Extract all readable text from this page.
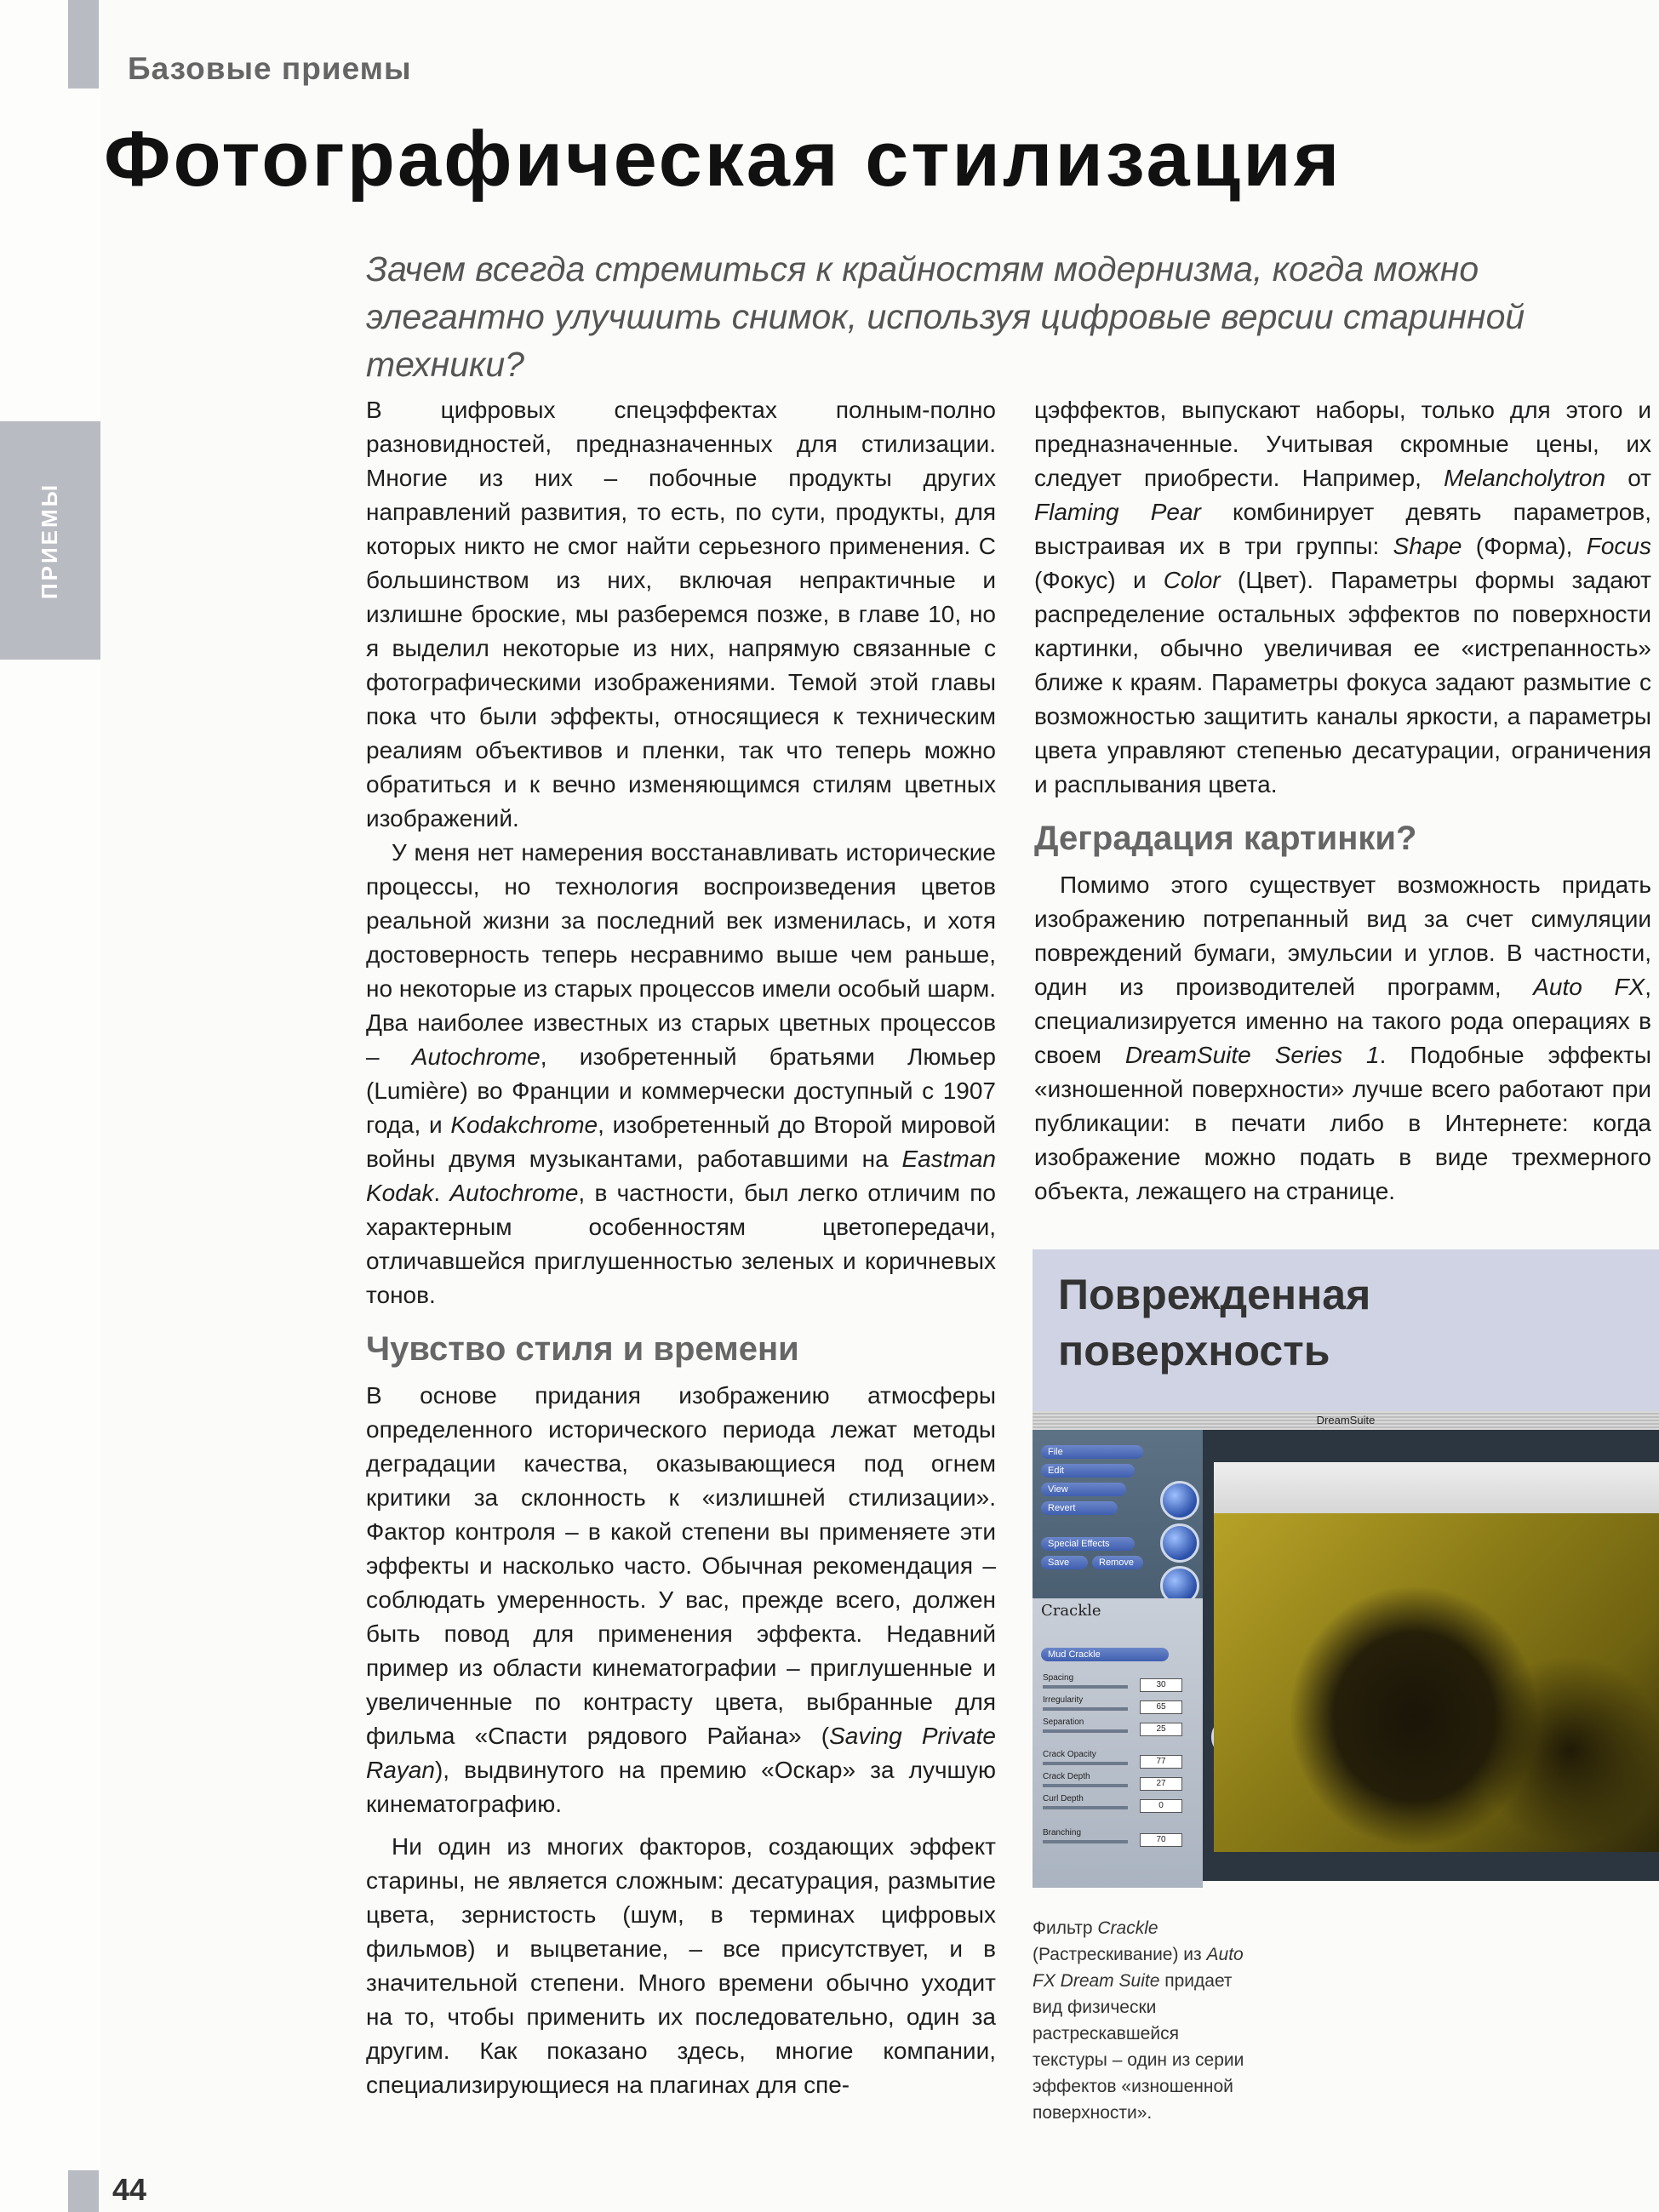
ПРИЕМЫ
Базовые приемы
Фотографическая стилизация
Зачем всегда стремиться к крайностям модернизма, когда можно элегантно улучшить снимок, используя цифровые версии старинной техники?

В цифровых спецэффектах полным-полно разновидностей, предназначенных для стилизации. Многие из них – побочные продукты других направлений развития, то есть, по сути, продукты, для которых никто не смог найти серьезного применения. С большинством из них, включая непрактичные и излишне броские, мы разберемся позже, в главе 10, но я выделил некоторые из них, напрямую связанные с фотографическими изображениями. Темой этой главы пока что были эффекты, относящиеся к техническим реалиям объективов и пленки, так что теперь можно обратиться и к вечно изменяющимся стилям цветных изображений.

У меня нет намерения восстанавливать исторические процессы, но технология воспроизведения цветов реальной жизни за последний век изменилась, и хотя достоверность теперь несравнимо выше чем раньше, но некоторые из старых процессов имели особый шарм. Два наиболее известных из старых цветных процессов – Autochrome, изобретенный братьями Люмьер (Lumière) во Франции и коммерчески доступный с 1907 года, и Kodakchrome, изобретенный до Второй мировой войны двумя музыкантами, работавшими на Eastman Kodak. Autochrome, в частности, был легко отличим по характерным особенностям цветопередачи, отличавшейся приглушенностью зеленых и коричневых тонов.

Чувство стиля и времени

В основе придания изображению атмосферы определенного исторического периода лежат методы деградации качества, оказывающиеся под огнем критики за склонность к «излишней стилизации». Фактор контроля – в какой степени вы применяете эти эффекты и насколько часто. Обычная рекомендация – соблюдать умеренность. У вас, прежде всего, должен быть повод для применения эффекта. Недавний пример из области кинематографии – приглушенные и увеличенные по контрасту цвета, выбранные для фильма «Спасти рядового Райана» (Saving Private Rayan), выдвинутого на премию «Оскар» за лучшую кинематографию.

Ни один из многих факторов, создающих эффект старины, не является сложным: десатурация, размытие цвета, зернистость (шум, в терминах цифровых фильмов) и выцветание, – все присутствует, и в значительной степени. Много времени обычно уходит на то, чтобы применить их последовательно, один за другим. Как показано здесь, многие компании, специализирующиеся на плагинах для спе-

цэффектов, выпускают наборы, только для этого и предназначенные. Учитывая скромные цены, их следует приобрести. Например, Melancholytron от Flaming Pear комбинирует девять параметров, выстраивая их в три группы: Shape (Форма), Focus (Фокус) и Color (Цвет). Параметры формы задают распределение остальных эффектов по поверхности картинки, обычно увеличивая ее «истрепанность» ближе к краям. Параметры фокуса задают размытие с возможностью защитить каналы яркости, а параметры цвета управляют степенью десатурации, ограничения и расплывания цвета.

Деградация картинки?

Помимо этого существует возможность придать изображению потрепанный вид за счет симуляции повреждений бумаги, эмульсии и углов. В частности, один из производителей программ, Auto FX, специализируется именно на такого рода операциях в своем DreamSuite Series 1. Подобные эффекты «изношенной поверхности» лучше всего работают при публикации: в печати либо в Интернете: когда изображение можно подать в виде трехмерного объекта, лежащего на странице.

Поврежденная
поверхность
DreamSuite
File
Edit
View
Revert
Special Effects
Save	Remove
Crackle
Mud Crackle
Spacing
30
Irregularity
65
Separation
25
Crack Opacity
77
Crack Depth
27
Curl Depth
0
Branching
70
Фильтр Crackle (Растрескивание) из Auto FX Dream Suite придает вид физически растрескавшейся текстуры – один из серии эффектов «изношенной поверхности».
44
